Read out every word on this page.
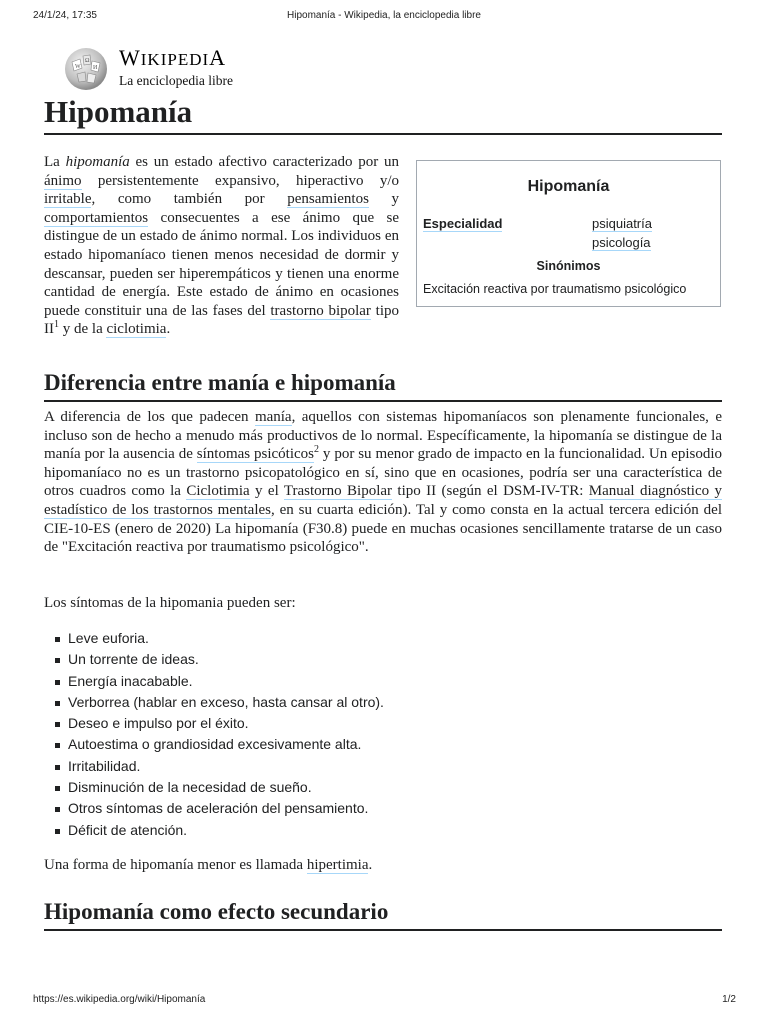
24/1/24, 17:35	Hipomanía - Wikipedia, la enciclopedia libre
W
Ω
И WIKIPEDIA
La enciclopedia libre
Hipomanía
Hipomanía
Especialidad	psiquiatría
psicología
Sinónimos
Excitación reactiva por traumatismo psicológico

La hipomanía es un estado afectivo caracterizado por un ánimo persistentemente expansivo, hiperactivo y/o irritable, como también por pensamientos y comportamientos consecuentes a ese ánimo que se distingue de un estado de ánimo normal. Los individuos en estado hipomaníaco tienen menos necesidad de dormir y descansar, pueden ser hiperempáticos y tienen una enorme cantidad de energía. Este estado de ánimo en ocasiones puede constituir una de las fases del trastorno bipolar tipo $II^1$ y de la ciclotimia.

Diferencia entre manía e hipomanía

A diferencia de los que padecen manía, aquellos con sistemas hipomaníacos son plenamente funcionales, e incluso son de hecho a menudo más productivos de lo normal. Específicamente, la hipomanía se distingue de la manía por la ausencia de síntomas psicóticos$^2$ y por su menor grado de impacto en la funcionalidad. Un episodio hipomaníaco no es un trastorno psicopatológico en sí, sino que en ocasiones, podría ser una característica de otros cuadros como la Ciclotimia y el Trastorno Bipolar tipo II (según el DSM-IV-TR: Manual diagnóstico y estadístico de los trastornos mentales, en su cuarta edición). Tal y como consta en la actual tercera edición del CIE-10-ES (enero de 2020) La hipomanía (F30.8) puede en muchas ocasiones sencillamente tratarse de un caso de "Excitación reactiva por traumatismo psicológico".

Los síntomas de la hipomania pueden ser:

Leve euforia.
Un torrente de ideas.
Energía inacabable.
Verborrea (hablar en exceso, hasta cansar al otro).
Deseo e impulso por el éxito.
Autoestima o grandiosidad excesivamente alta.
Irritabilidad.
Disminución de la necesidad de sueño.
Otros síntomas de aceleración del pensamiento.
Déficit de atención.

Una forma de hipomanía menor es llamada hipertimia.

Hipomanía como efecto secundario
https://es.wikipedia.org/wiki/Hipomanía	1/2
